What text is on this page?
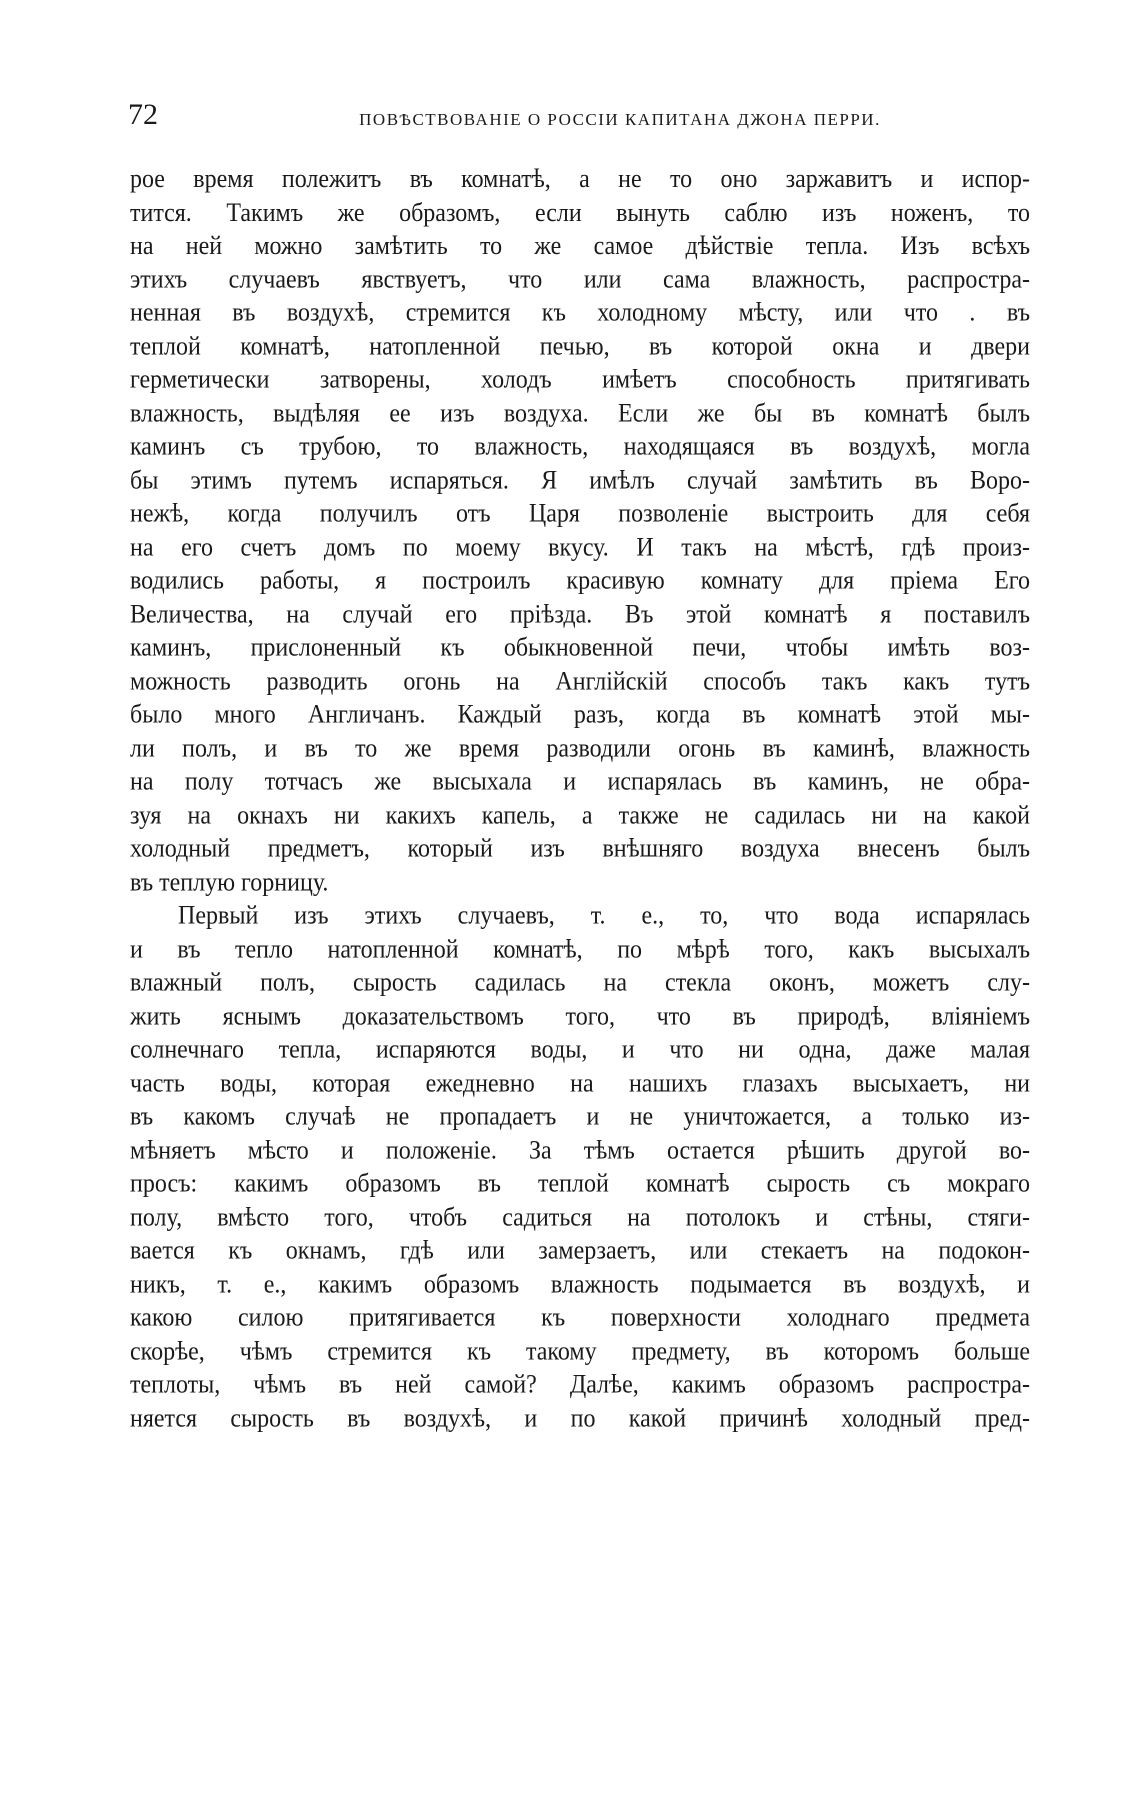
72	ПОВѢСТВОВАНІЕ О РОССІИ КАПИТАНА ДЖОНА ПЕРРИ.
рое время полежитъ въ комнатѣ, а не то оно заржавитъ и испор-
тится. Такимъ же образомъ, если вынуть саблю изъ ноженъ, то
на ней можно замѣтить то же самое дѣйствіе тепла. Изъ всѣхъ
этихъ случаевъ явствуетъ, что или сама влажность, распростра-
ненная въ воздухѣ, стремится къ холодному мѣсту, или что . въ
теплой комнатѣ, натопленной печью, въ которой окна и двери
герметически затворены, холодъ имѣетъ способность притягивать
влажность, выдѣляя ее изъ воздуха. Если же бы въ комнатѣ былъ
каминъ съ трубою, то влажность, находящаяся въ воздухѣ, могла
бы этимъ путемъ испаряться. Я имѣлъ случай замѣтить въ Воро-
нежѣ, когда получилъ отъ Царя позволеніе выстроить для себя
на его счетъ домъ по моему вкусу. И такъ на мѣстѣ, гдѣ произ-
водились работы, я построилъ красивую комнату для пріема Его
Величества, на случай его пріѣзда. Въ этой комнатѣ я поставилъ
каминъ, прислоненный къ обыкновенной печи, чтобы имѣть воз-
можность разводить огонь на Англійскій способъ такъ какъ тутъ
было много Англичанъ. Каждый разъ, когда въ комнатѣ этой мы-
ли полъ, и въ то же время разводили огонь въ каминѣ, влажность
на полу тотчасъ же высыхала и испарялась въ каминъ, не обра-
зуя на окнахъ ни какихъ капель, а также не садилась ни на какой
холодный предметъ, который изъ внѣшняго воздуха внесенъ былъ
въ теплую горницу.
Первый изъ этихъ случаевъ, т. е., то, что вода испарялась
и въ тепло натопленной комнатѣ, по мѣрѣ того, какъ высыхалъ
влажный полъ, сырость садилась на стекла оконъ, можетъ слу-
жить яснымъ доказательствомъ того, что въ природѣ, вліяніемъ
солнечнаго тепла, испаряются воды, и что ни одна, даже малая
часть воды, которая ежедневно на нашихъ глазахъ высыхаетъ, ни
въ какомъ случаѣ не пропадаетъ и не уничтожается, а только из-
мѣняетъ мѣсто и положеніе. За тѣмъ остается рѣшить другой во-
просъ: какимъ образомъ въ теплой комнатѣ сырость съ мокраго
полу, вмѣсто того, чтобъ садиться на потолокъ и стѣны, стяги-
вается къ окнамъ, гдѣ или замерзаетъ, или стекаетъ на подокон-
никъ, т. е., какимъ образомъ влажность подымается въ воздухѣ, и
какою силою притягивается къ поверхности холоднаго предмета
скорѣе, чѣмъ стремится къ такому предмету, въ которомъ больше
теплоты, чѣмъ въ ней самой? Далѣе, какимъ образомъ распростра-
няется сырость въ воздухѣ, и по какой причинѣ холодный пред-
